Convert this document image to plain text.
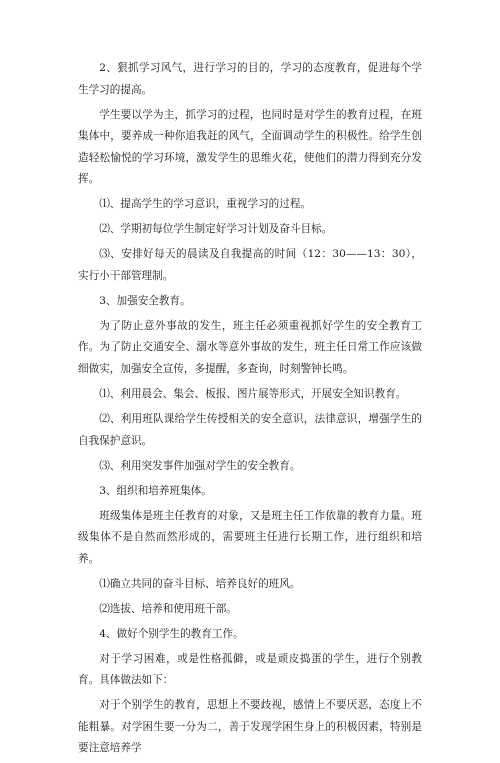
2、狠抓学习风气，进行学习的目的，学习的态度教育，促进每个学生学习的提高。

学生要以学为主，抓学习的过程，也同时是对学生的教育过程，在班集体中，要养成一种你追我赶的风气，全面调动学生的积极性。给学生创造轻松愉悦的学习环境，激发学生的思维火花，使他们的潜力得到充分发挥。

⑴、提高学生的学习意识，重视学习的过程。

⑵、学期初每位学生制定好学习计划及奋斗目标。

⑶、安排好每天的晨读及自我提高的时间（12：30——13：30），实行小干部管理制。

3、加强安全教育。

为了防止意外事故的发生，班主任必须重视抓好学生的安全教育工作。为了防止交通安全、溺水等意外事故的发生，班主任日常工作应该做细做实，加强安全宣传，多提醒，多查询，时刻警钟长鸣。

⑴、利用晨会、集会、板报、图片展等形式，开展安全知识教育。

⑵、利用班队课给学生传授相关的安全意识，法律意识，增强学生的自我保护意识。

⑶、利用突发事件加强对学生的安全教育。

3、组织和培养班集体。

班级集体是班主任教育的对象，又是班主任工作依靠的教育力量。班级集体不是自然而然形成的，需要班主任进行长期工作，进行组织和培养。

⑴确立共同的奋斗目标、培养良好的班风。

⑵选拔、培养和使用班干部。

4、做好个别学生的教育工作。

对于学习困难，或是性格孤僻，或是顽皮捣蛋的学生，进行个别教育。具体做法如下：

对于个别学生的教育，思想上不要歧视，感情上不要厌恶，态度上不能粗暴。对学困生要一分为二，善于发现学困生身上的积极因素，特别是要注意培养学
